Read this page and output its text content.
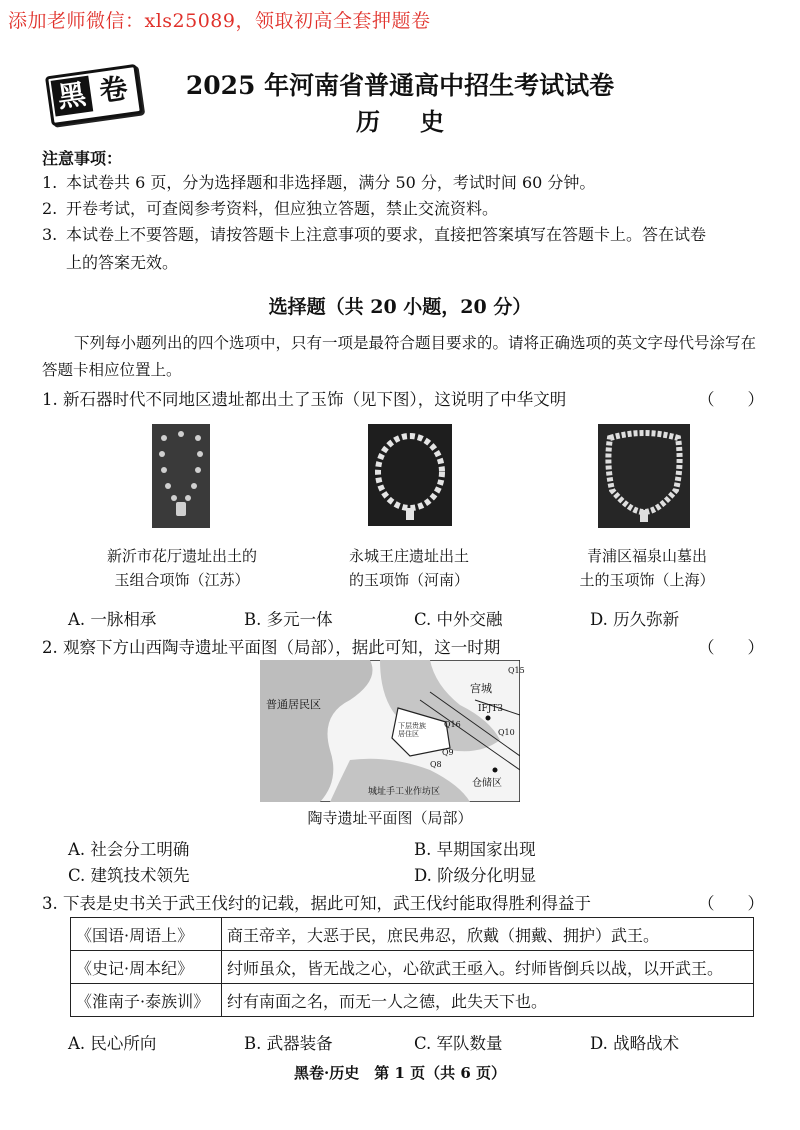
添加老师微信：xls25089，领取初高全套押题卷
黑 卷	2025 年河南省普通高中招生考试试卷
历史
注意事项：
1. 本试卷共 6 页，分为选择题和非选择题，满分 50 分，考试时间 60 分钟。
2. 开卷考试，可查阅参考资料，但应独立答题，禁止交流资料。
3. 本试卷上不要答题，请按答题卡上注意事项的要求，直接把答案填写在答题卡上。答在试卷
上的答案无效。
选择题（共 20 小题，20 分）
下列每小题列出的四个选项中，只有一项是最符合题目要求的。请将正确选项的英文字母代号涂写在答题卡相应位置上。
1. 新石器时代不同地区遗址都出土了玉饰（见下图），这说明了中华文明	（　　）
新沂市花厅遗址出土的
玉组合项饰（江苏）
永城王庄遗址出土
的玉项饰（河南）
青浦区福泉山墓出
土的玉项饰（上海）
A. 一脉相承	B. 多元一体	C. 中外交融	D. 历久弥新
2. 观察下方山西陶寺遗址平面图（局部），据此可知，这一时期	（　　）
普通居民区
宫城
下层贵族居住区
IFJT3
Q15
Q16
Q10
Q9
Q8
仓储区
城址手工业作坊区
陶寺遗址平面图（局部）
A. 社会分工明确	B. 早期国家出现
C. 建筑技术领先	D. 阶级分化明显
3. 下表是史书关于武王伐纣的记载，据此可知，武王伐纣能取得胜利得益于	（　　）
《国语·周语上》	商王帝辛，大恶于民，庶民弗忍，欣戴（拥戴、拥护）武王。
《史记·周本纪》	纣师虽众，皆无战之心，心欲武王亟入。纣师皆倒兵以战，以开武王。
《淮南子·泰族训》	纣有南面之名，而无一人之德，此失天下也。
A. 民心所向	B. 武器装备	C. 军队数量	D. 战略战术
黑卷·历史　第 1 页（共 6 页）
